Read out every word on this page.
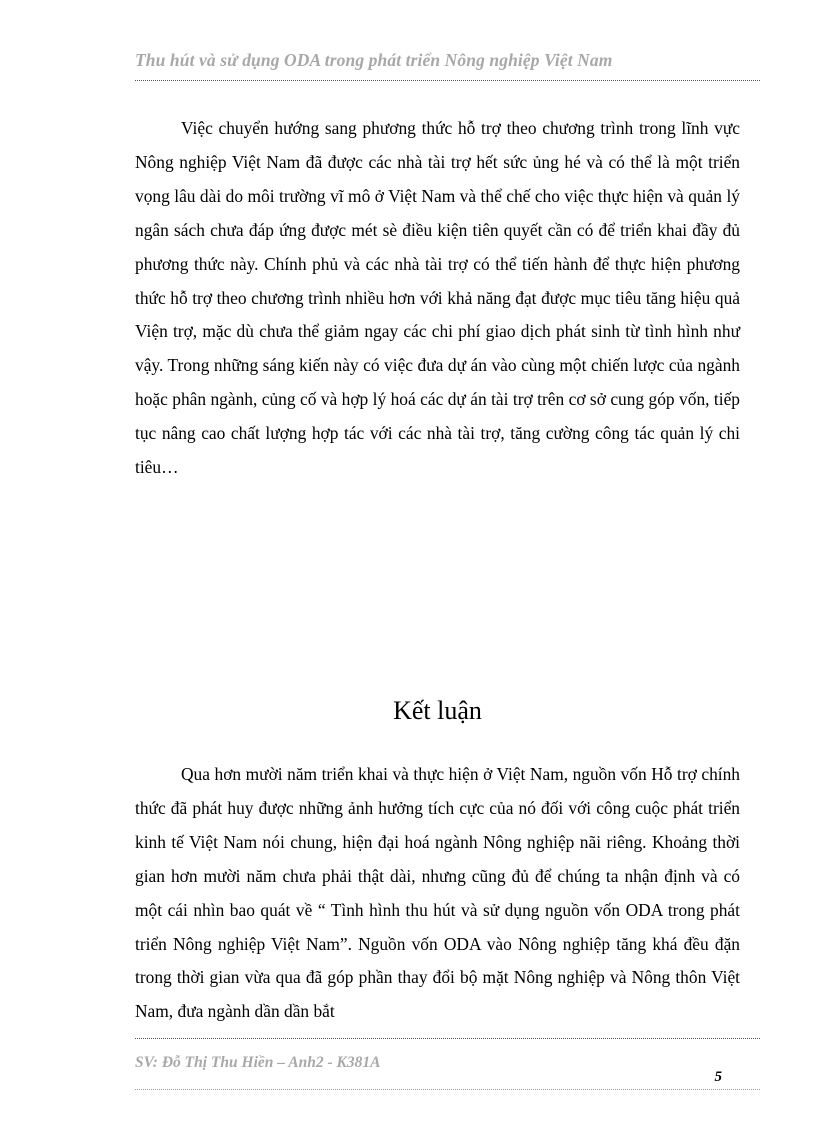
Thu hút và sử dụng ODA trong phát triển Nông nghiệp Việt Nam

Việc chuyển hướng sang phương thức hỗ trợ theo chương trình trong lĩnh vực Nông nghiệp Việt Nam đã được các nhà tài trợ hết sức ủng hé và có thể là một triển vọng lâu dài do môi trường vĩ mô ở Việt Nam và thể chế cho việc thực hiện và quản lý ngân sách chưa đáp ứng được mét sè điều kiện tiên quyết cần có để triển khai đầy đủ phương thức này. Chính phủ và các nhà tài trợ có thể tiến hành để thực hiện phương thức hỗ trợ theo chương trình nhiều hơn với khả năng đạt được mục tiêu tăng hiệu quả Viện trợ, mặc dù chưa thể giảm ngay các chi phí giao dịch phát sinh từ tình hình như vậy. Trong những sáng kiến này có việc đưa dự án vào cùng một chiến lược của ngành hoặc phân ngành, củng cố và hợp lý hoá các dự án tài trợ trên cơ sở cung góp vốn, tiếp tục nâng cao chất lượng hợp tác với các nhà tài trợ, tăng cường công tác quản lý chi tiêu…

Kết luận

Qua hơn mười năm triển khai và thực hiện ở Việt Nam, nguồn vốn Hỗ trợ chính thức đã phát huy được những ảnh hưởng tích cực của nó đối với công cuộc phát triển kinh tế Việt Nam nói chung, hiện đại hoá ngành Nông nghiệp nãi riêng. Khoảng thời gian hơn mười năm chưa phải thật dài, nhưng cũng đủ để chúng ta nhận định và có một cái nhìn bao quát về “ Tình hình thu hút và sử dụng nguồn vốn ODA trong phát triển Nông nghiệp Việt Nam”. Nguồn vốn ODA vào Nông nghiệp tăng khá đều đặn trong thời gian vừa qua đã góp phần thay đổi bộ mặt Nông nghiệp và Nông thôn Việt Nam, đưa ngành dần dần bắt

SV: Đỗ Thị Thu Hiền – Anh2 - K381A
5
